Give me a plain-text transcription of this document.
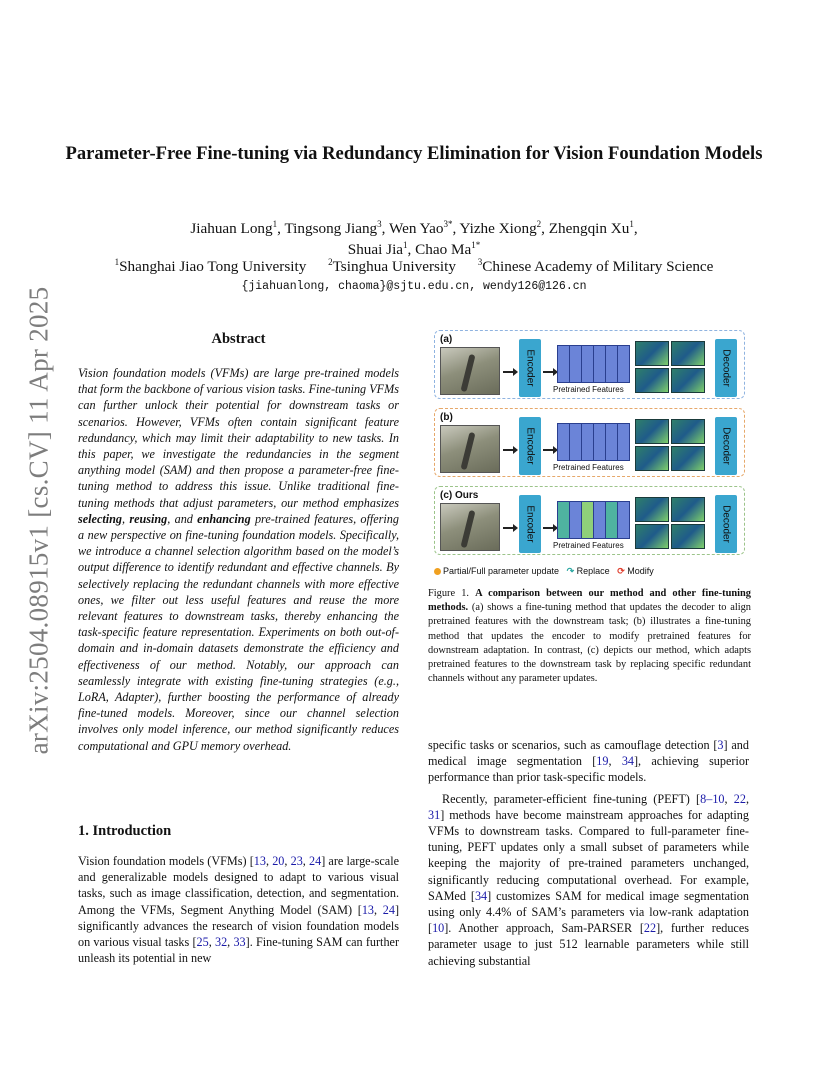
arXiv:2504.08915v1 [cs.CV] 11 Apr 2025
Parameter-Free Fine-tuning via Redundancy Elimination for Vision Foundation Models
Jiahuan Long$^1$, Tingsong Jiang$^3$, Wen Yao$^{3*}$, Yizhe Xiong$^2$, Zhengqin Xu$^1$,
Shuai Jia$^1$, Chao $Ma^{1*}$
$^1$Shanghai Jiao Tong University $^2$Tsinghua University $^3$Chinese Academy of Military Science
{jiahuanlong, chaoma}@sjtu.edu.cn, wendy126@126.cn
Abstract
Vision foundation models (VFMs) are large pre-trained models that form the backbone of various vision tasks. Fine-tuning VFMs can further unlock their potential for downstream tasks or scenarios. However, VFMs often contain significant feature redundancy, which may limit their adaptability to new tasks. In this paper, we investigate the redundancies in the segment anything model (SAM) and then propose a parameter-free fine-tuning method to address this issue. Unlike traditional fine-tuning methods that adjust parameters, our method emphasizes selecting, reusing, and enhancing pre-trained features, offering a new perspective on fine-tuning foundation models. Specifically, we introduce a channel selection algorithm based on the model’s output difference to identify redundant and effective channels. By selectively replacing the redundant channels with more effective ones, we filter out less useful features and reuse the more relevant features to downstream tasks, thereby enhancing the task-specific feature representation. Experiments on both out-of-domain and in-domain datasets demonstrate the efficiency and effectiveness of our method. Notably, our approach can seamlessly integrate with existing fine-tuning strategies (e.g., LoRA, Adapter), further boosting the performance of already fine-tuned models. Moreover, since our channel selection involves only model inference, our method significantly reduces computational and GPU memory overhead.
1. Introduction
Vision foundation models (VFMs) [13, 20, 23, 24] are large-scale and generalizable models designed to adapt to various visual tasks, such as image classification, detection, and segmentation. Among the VFMs, Segment Anything Model (SAM) [13, 24] significantly advances the research of vision foundation models on various visual tasks [25, 32, 33]. Fine-tuning SAM can further unleash its potential in new
(a)
Encoder
Pretrained Features
Decoder
(b)
Encoder
Pretrained Features
Decoder
(c) Ours
Encoder
Pretrained Features
Decoder
Partial/Full parameter update ↷ Replace ⟳ Modify
Figure 1. A comparison between our method and other fine-tuning methods. (a) shows a fine-tuning method that updates the decoder to align pretrained features with the downstream task; (b) illustrates a fine-tuning method that updates the encoder to modify pretrained features for downstream adaptation. In contrast, (c) depicts our method, which adapts pretrained features to the downstream task by replacing specific redundant channels without any parameter updates.

specific tasks or scenarios, such as camouflage detection [3] and medical image segmentation [19, 34], achieving superior performance than prior task-specific models.

Recently, parameter-efficient fine-tuning (PEFT) [8–10, 22, 31] methods have become mainstream approaches for adapting VFMs to downstream tasks. Compared to full-parameter fine-tuning, PEFT updates only a small subset of parameters while keeping the majority of pre-trained parameters unchanged, significantly reducing computational overhead. For example, SAMed [34] customizes SAM for medical image segmentation using only 4.4% of SAM’s parameters via low-rank adaptation [10]. Another approach, Sam-PARSER [22], further reduces parameter usage to just 512 learnable parameters while still achieving substantial
